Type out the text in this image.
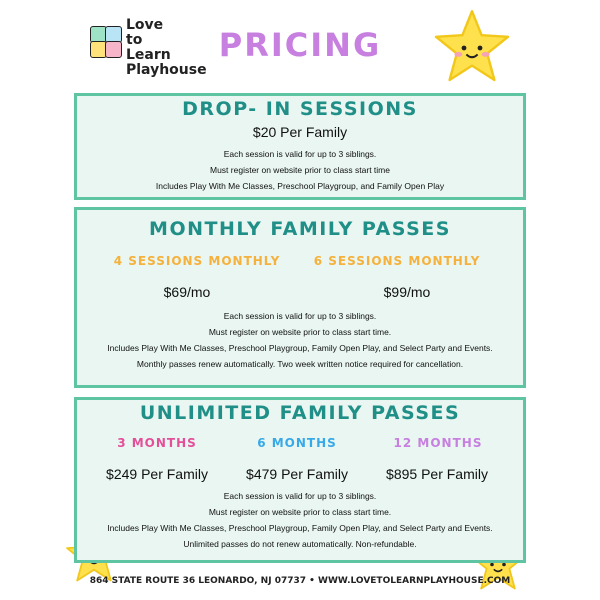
Love
to
Learn
Playhouse
PRICING
DROP- IN SESSIONS
$20 Per Family
Each session is valid for up to 3 siblings.
Must register on website prior to class start time
Includes Play With Me Classes, Preschool Playgroup, and Family Open Play
MONTHLY FAMILY PASSES
4 SESSIONS MONTHLY	6 SESSIONS MONTHLY
$69/mo	$99/mo
Each session is valid for up to 3 siblings.
Must register on website prior to class start time.
Includes Play With Me Classes, Preschool Playgroup, Family Open Play, and Select Party and Events.
Monthly passes renew automatically. Two week written notice required for cancellation.
UNLIMITED FAMILY PASSES
3 MONTHS	6 MONTHS	12 MONTHS
$249 Per Family	$479 Per Family	$895 Per Family
Each session is valid for up to 3 siblings.
Must register on website prior to class start time.
Includes Play With Me Classes, Preschool Playgroup, Family Open Play, and Select Party and Events.
Unlimited passes do not renew automatically. Non-refundable.
864 STATE ROUTE 36 LEONARDO, NJ 07737 • WWW.LOVETOLEARNPLAYHOUSE.COM
